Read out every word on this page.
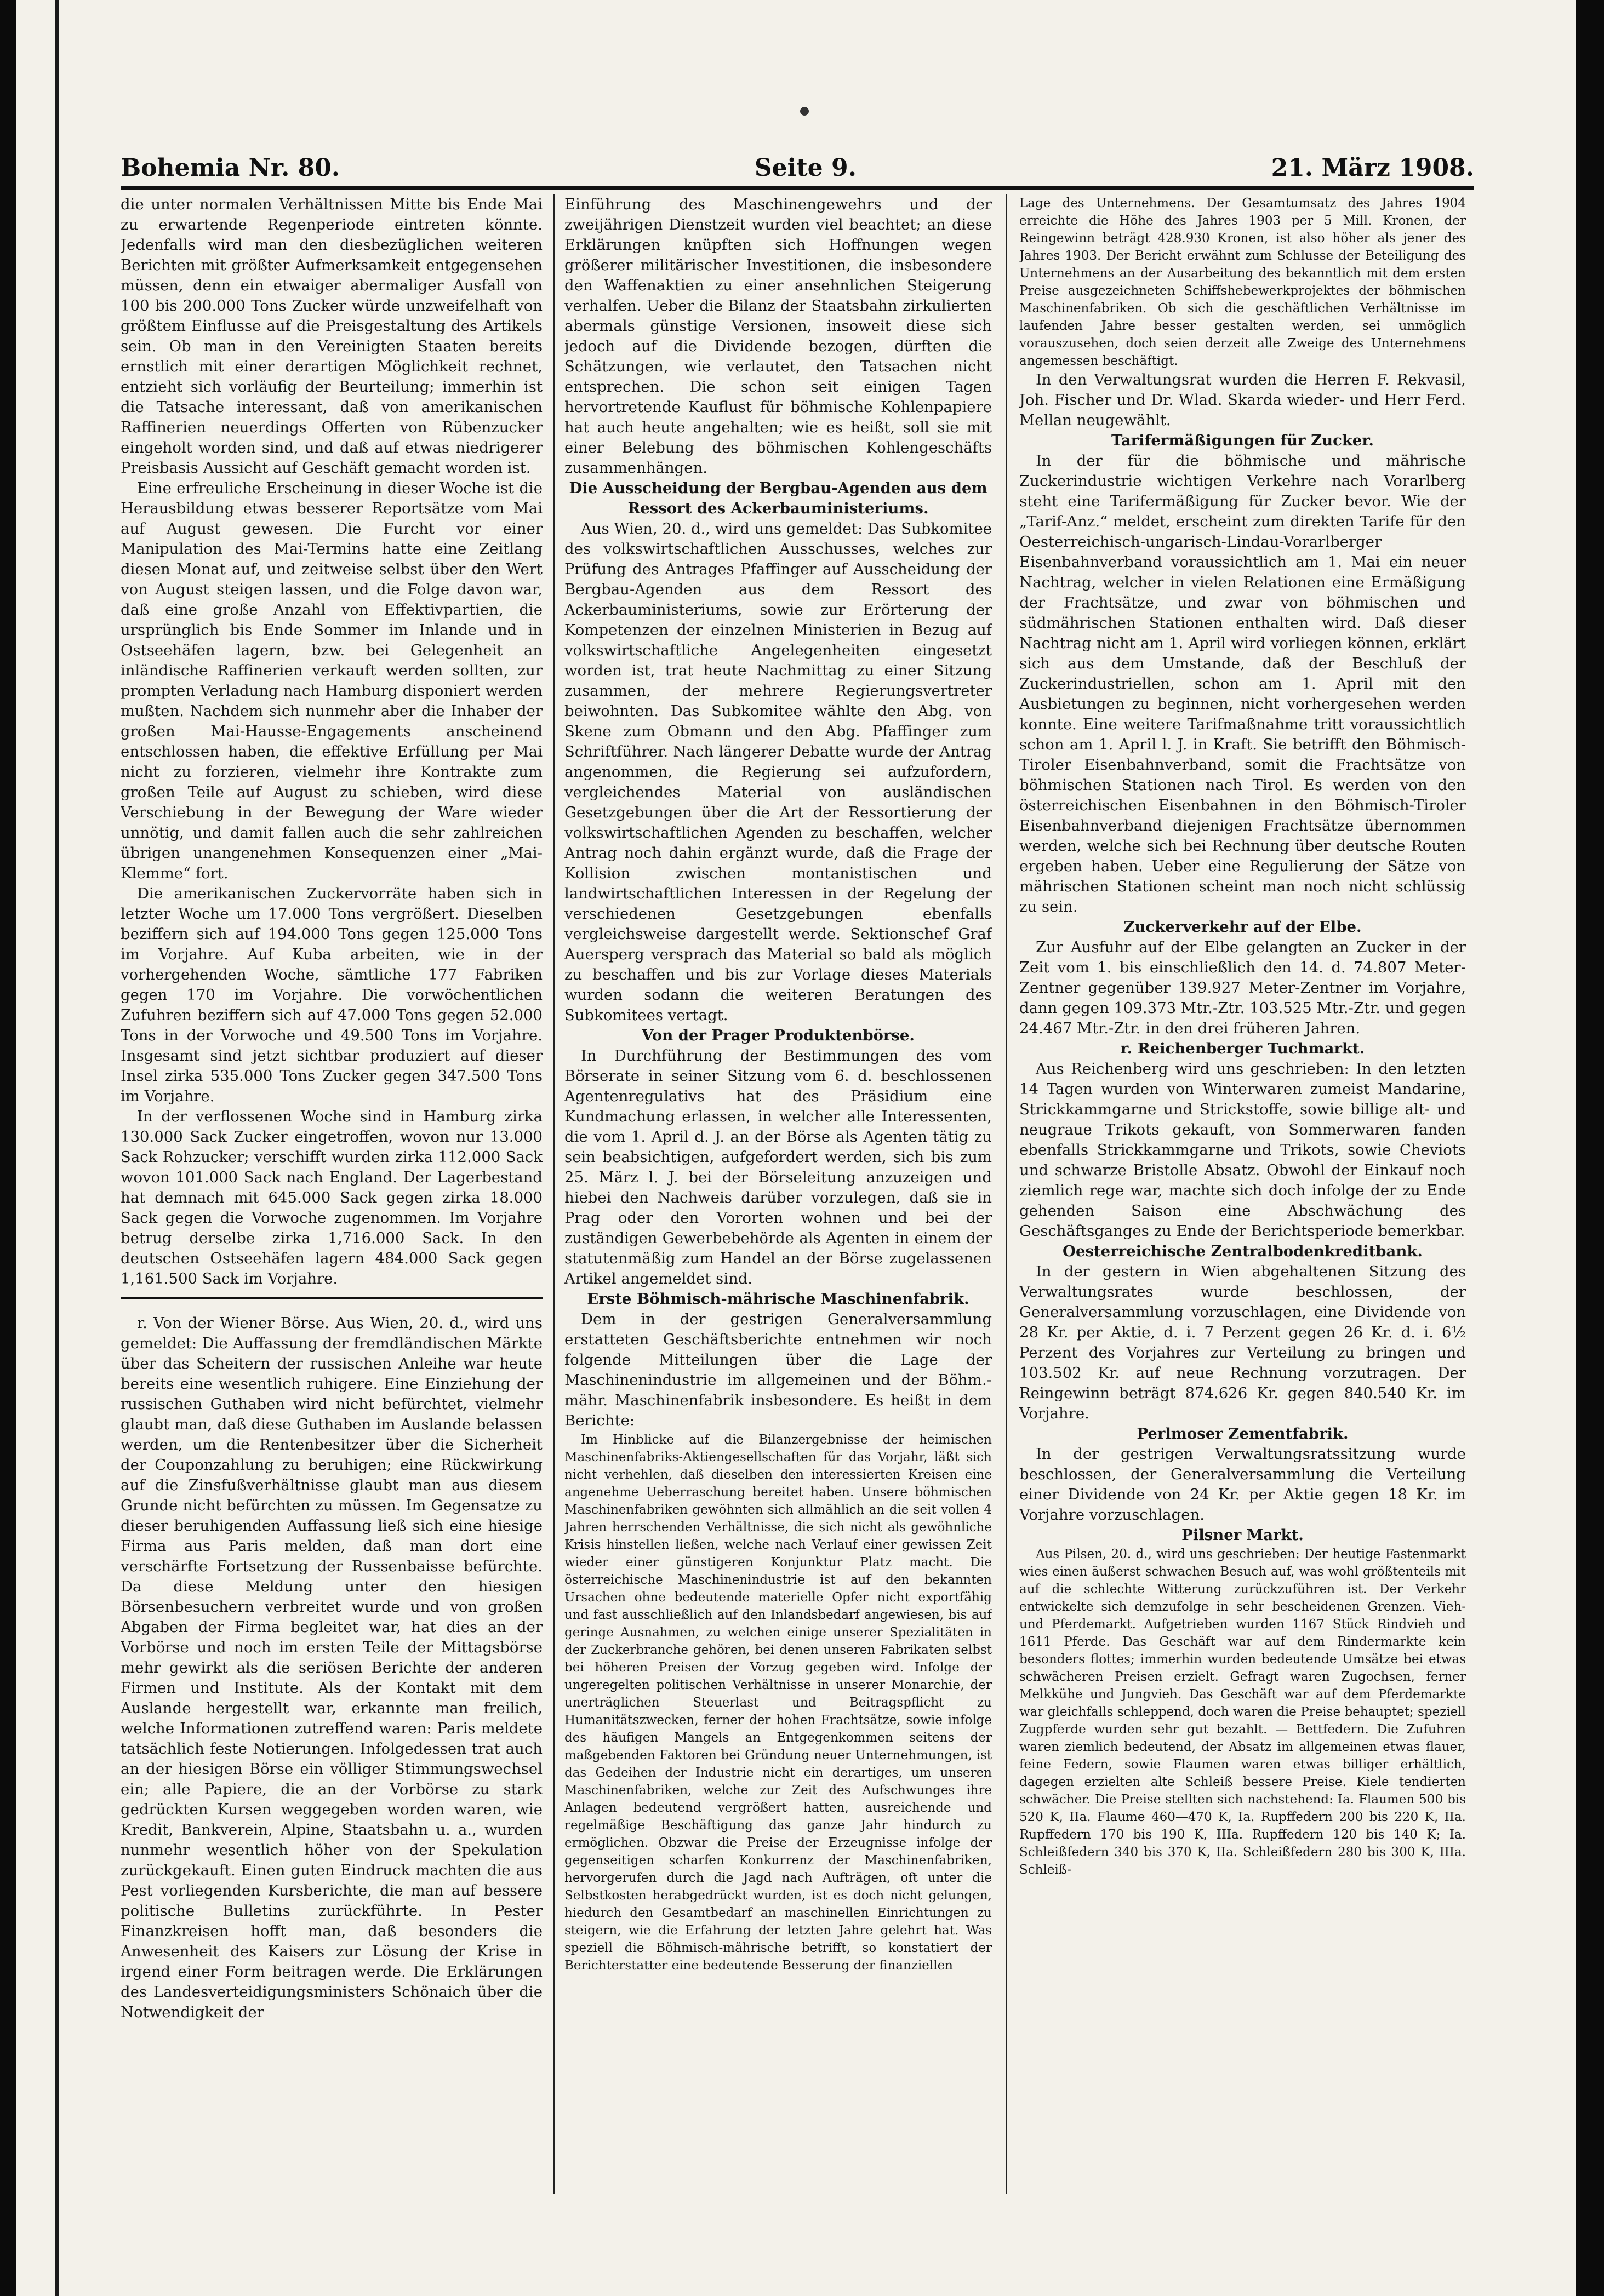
Bohemia Nr. 80.	Seite 9.	21. März 1908.

die unter normalen Verhältnissen Mitte bis Ende Mai zu erwartende Regenperiode eintreten könnte. Jedenfalls wird man den diesbezüglichen weiteren Berichten mit größter Aufmerksamkeit entgegensehen müssen, denn ein etwaiger abermaliger Ausfall von 100 bis 200.000 Tons Zucker würde unzweifelhaft von größtem Einflusse auf die Preisgestaltung des Artikels sein. Ob man in den Vereinigten Staaten bereits ernstlich mit einer derartigen Möglichkeit rechnet, entzieht sich vorläufig der Beurteilung; immerhin ist die Tatsache interessant, daß von amerikanischen Raffinerien neuerdings Offerten von Rübenzucker eingeholt worden sind, und daß auf etwas niedrigerer Preisbasis Aussicht auf Geschäft gemacht worden ist.

Eine erfreuliche Erscheinung in dieser Woche ist die Herausbildung etwas besserer Reportsätze vom Mai auf August gewesen. Die Furcht vor einer Manipulation des Mai-Termins hatte eine Zeitlang diesen Monat auf, und zeitweise selbst über den Wert von August steigen lassen, und die Folge davon war, daß eine große Anzahl von Effektivpartien, die ursprünglich bis Ende Sommer im Inlande und in Ostseehäfen lagern, bzw. bei Gelegenheit an inländische Raffinerien verkauft werden sollten, zur prompten Verladung nach Hamburg disponiert werden mußten. Nachdem sich nunmehr aber die Inhaber der großen Mai-Hausse-Engagements anscheinend entschlossen haben, die effektive Erfüllung per Mai nicht zu forzieren, vielmehr ihre Kontrakte zum großen Teile auf August zu schieben, wird diese Verschiebung in der Bewegung der Ware wieder unnötig, und damit fallen auch die sehr zahlreichen übrigen unangenehmen Konsequenzen einer „Mai-Klemme“ fort.

Die amerikanischen Zuckervorräte haben sich in letzter Woche um 17.000 Tons vergrößert. Dieselben beziffern sich auf 194.000 Tons gegen 125.000 Tons im Vorjahre. Auf Kuba arbeiten, wie in der vorhergehenden Woche, sämtliche 177 Fabriken gegen 170 im Vorjahre. Die vorwöchentlichen Zufuhren beziffern sich auf 47.000 Tons gegen 52.000 Tons in der Vorwoche und 49.500 Tons im Vorjahre. Insgesamt sind jetzt sichtbar produziert auf dieser Insel zirka 535.000 Tons Zucker gegen 347.500 Tons im Vorjahre.

In der verflossenen Woche sind in Hamburg zirka 130.000 Sack Zucker eingetroffen, wovon nur 13.000 Sack Rohzucker; verschifft wurden zirka 112.000 Sack wovon 101.000 Sack nach England. Der Lagerbestand hat demnach mit 645.000 Sack gegen zirka 18.000 Sack gegen die Vorwoche zugenommen. Im Vorjahre betrug derselbe zirka 1,716.000 Sack. In den deutschen Ostseehäfen lagern 484.000 Sack gegen 1,161.500 Sack im Vorjahre.

r. Von der Wiener Börse. Aus Wien, 20. d., wird uns gemeldet: Die Auffassung der fremdländischen Märkte über das Scheitern der russischen Anleihe war heute bereits eine wesentlich ruhigere. Eine Einziehung der russischen Guthaben wird nicht befürchtet, vielmehr glaubt man, daß diese Guthaben im Auslande belassen werden, um die Rentenbesitzer über die Sicherheit der Couponzahlung zu beruhigen; eine Rückwirkung auf die Zinsfußverhältnisse glaubt man aus diesem Grunde nicht befürchten zu müssen. Im Gegensatze zu dieser beruhigenden Auffassung ließ sich eine hiesige Firma aus Paris melden, daß man dort eine verschärfte Fortsetzung der Russenbaisse befürchte. Da diese Meldung unter den hiesigen Börsenbesuchern verbreitet wurde und von großen Abgaben der Firma begleitet war, hat dies an der Vorbörse und noch im ersten Teile der Mittagsbörse mehr gewirkt als die seriösen Berichte der anderen Firmen und Institute. Als der Kontakt mit dem Auslande hergestellt war, erkannte man freilich, welche Informationen zutreffend waren: Paris meldete tatsächlich feste Notierungen. Infolgedessen trat auch an der hiesigen Börse ein völliger Stimmungswechsel ein; alle Papiere, die an der Vorbörse zu stark gedrückten Kursen weggegeben worden waren, wie Kredit, Bankverein, Alpine, Staatsbahn u. a., wurden nunmehr wesentlich höher von der Spekulation zurückgekauft. Einen guten Eindruck machten die aus Pest vorliegenden Kursberichte, die man auf bessere politische Bulletins zurückführte. In Pester Finanzkreisen hofft man, daß besonders die Anwesenheit des Kaisers zur Lösung der Krise in irgend einer Form beitragen werde. Die Erklärungen des Landesverteidigungsministers Schönaich über die Notwendigkeit der

Einführung des Maschinengewehrs und der zweijährigen Dienstzeit wurden viel beachtet; an diese Erklärungen knüpften sich Hoffnungen wegen größerer militärischer Investitionen, die insbesondere den Waffenaktien zu einer ansehnlichen Steigerung verhalfen. Ueber die Bilanz der Staatsbahn zirkulierten abermals günstige Versionen, insoweit diese sich jedoch auf die Dividende bezogen, dürften die Schätzungen, wie verlautet, den Tatsachen nicht entsprechen. Die schon seit einigen Tagen hervortretende Kauflust für böhmische Kohlenpapiere hat auch heute angehalten; wie es heißt, soll sie mit einer Belebung des böhmischen Kohlengeschäfts zusammenhängen.

Die Ausscheidung der Bergbau-Agenden aus dem Ressort des Ackerbauministeriums.

Aus Wien, 20. d., wird uns gemeldet: Das Subkomitee des volkswirtschaftlichen Ausschusses, welches zur Prüfung des Antrages Pfaffinger auf Ausscheidung der Bergbau-Agenden aus dem Ressort des Ackerbauministeriums, sowie zur Erörterung der Kompetenzen der einzelnen Ministerien in Bezug auf volkswirtschaftliche Angelegenheiten eingesetzt worden ist, trat heute Nachmittag zu einer Sitzung zusammen, der mehrere Regierungsvertreter beiwohnten. Das Subkomitee wählte den Abg. von Skene zum Obmann und den Abg. Pfaffinger zum Schriftführer. Nach längerer Debatte wurde der Antrag angenommen, die Regierung sei aufzufordern, vergleichendes Material von ausländischen Gesetzgebungen über die Art der Ressortierung der volkswirtschaftlichen Agenden zu beschaffen, welcher Antrag noch dahin ergänzt wurde, daß die Frage der Kollision zwischen montanistischen und landwirtschaftlichen Interessen in der Regelung der verschiedenen Gesetzgebungen ebenfalls vergleichsweise dargestellt werde. Sektionschef Graf Auersperg versprach das Material so bald als möglich zu beschaffen und bis zur Vorlage dieses Materials wurden sodann die weiteren Beratungen des Subkomitees vertagt.

Von der Prager Produktenbörse.

In Durchführung der Bestimmungen des vom Börserate in seiner Sitzung vom 6. d. beschlossenen Agentenregulativs hat des Präsidium eine Kundmachung erlassen, in welcher alle Interessenten, die vom 1. April d. J. an der Börse als Agenten tätig zu sein beabsichtigen, aufgefordert werden, sich bis zum 25. März l. J. bei der Börseleitung anzuzeigen und hiebei den Nachweis darüber vorzulegen, daß sie in Prag oder den Vororten wohnen und bei der zuständigen Gewerbebehörde als Agenten in einem der statutenmäßig zum Handel an der Börse zugelassenen Artikel angemeldet sind.

Erste Böhmisch-mährische Maschinenfabrik.

Dem in der gestrigen Generalversammlung erstatteten Geschäftsberichte entnehmen wir noch folgende Mitteilungen über die Lage der Maschinenindustrie im allgemeinen und der Böhm.-mähr. Maschinenfabrik insbesondere. Es heißt in dem Berichte:

Im Hinblicke auf die Bilanzergebnisse der heimischen Maschinenfabriks-Aktiengesellschaften für das Vorjahr, läßt sich nicht verhehlen, daß dieselben den interessierten Kreisen eine angenehme Ueberraschung bereitet haben. Unsere böhmischen Maschinenfabriken gewöhnten sich allmählich an die seit vollen 4 Jahren herrschenden Verhältnisse, die sich nicht als gewöhnliche Krisis hinstellen ließen, welche nach Verlauf einer gewissen Zeit wieder einer günstigeren Konjunktur Platz macht. Die österreichische Maschinenindustrie ist auf den bekannten Ursachen ohne bedeutende materielle Opfer nicht exportfähig und fast ausschließlich auf den Inlandsbedarf angewiesen, bis auf geringe Ausnahmen, zu welchen einige unserer Spezialitäten in der Zuckerbranche gehören, bei denen unseren Fabrikaten selbst bei höheren Preisen der Vorzug gegeben wird. Infolge der ungeregelten politischen Verhältnisse in unserer Monarchie, der unerträglichen Steuerlast und Beitragspflicht zu Humanitätszwecken, ferner der hohen Frachtsätze, sowie infolge des häufigen Mangels an Entgegenkommen seitens der maßgebenden Faktoren bei Gründung neuer Unternehmungen, ist das Gedeihen der Industrie nicht ein derartiges, um unseren Maschinenfabriken, welche zur Zeit des Aufschwunges ihre Anlagen bedeutend vergrößert hatten, ausreichende und regelmäßige Beschäftigung das ganze Jahr hindurch zu ermöglichen. Obzwar die Preise der Erzeugnisse infolge der gegenseitigen scharfen Konkurrenz der Maschinenfabriken, hervorgerufen durch die Jagd nach Aufträgen, oft unter die Selbstkosten herabgedrückt wurden, ist es doch nicht gelungen, hiedurch den Gesamtbedarf an maschinellen Einrichtungen zu steigern, wie die Erfahrung der letzten Jahre gelehrt hat. Was speziell die Böhmisch-mährische betrifft, so konstatiert der Berichterstatter eine bedeutende Besserung der finanziellen

Lage des Unternehmens. Der Gesamtumsatz des Jahres 1904 erreichte die Höhe des Jahres 1903 per 5 Mill. Kronen, der Reingewinn beträgt 428.930 Kronen, ist also höher als jener des Jahres 1903. Der Bericht erwähnt zum Schlusse der Beteiligung des Unternehmens an der Ausarbeitung des bekanntlich mit dem ersten Preise ausgezeichneten Schiffshebewerkprojektes der böhmischen Maschinenfabriken. Ob sich die geschäftlichen Verhältnisse im laufenden Jahre besser gestalten werden, sei unmöglich vorauszusehen, doch seien derzeit alle Zweige des Unternehmens angemessen beschäftigt.

In den Verwaltungsrat wurden die Herren F. Rekvasil, Joh. Fischer und Dr. Wlad. Skarda wieder- und Herr Ferd. Mellan neugewählt.

Tarifermäßigungen für Zucker.

In der für die böhmische und mährische Zuckerindustrie wichtigen Verkehre nach Vorarlberg steht eine Tarifermäßigung für Zucker bevor. Wie der „Tarif-Anz.“ meldet, erscheint zum direkten Tarife für den Oesterreichisch-ungarisch-Lindau-Vorarlberger Eisenbahnverband voraussichtlich am 1. Mai ein neuer Nachtrag, welcher in vielen Relationen eine Ermäßigung der Frachtsätze, und zwar von böhmischen und südmährischen Stationen enthalten wird. Daß dieser Nachtrag nicht am 1. April wird vorliegen können, erklärt sich aus dem Umstande, daß der Beschluß der Zuckerindustriellen, schon am 1. April mit den Ausbietungen zu beginnen, nicht vorhergesehen werden konnte. Eine weitere Tarifmaßnahme tritt voraussichtlich schon am 1. April l. J. in Kraft. Sie betrifft den Böhmisch-Tiroler Eisenbahnverband, somit die Frachtsätze von böhmischen Stationen nach Tirol. Es werden von den österreichischen Eisenbahnen in den Böhmisch-Tiroler Eisenbahnverband diejenigen Frachtsätze übernommen werden, welche sich bei Rechnung über deutsche Routen ergeben haben. Ueber eine Regulierung der Sätze von mährischen Stationen scheint man noch nicht schlüssig zu sein.

Zuckerverkehr auf der Elbe.

Zur Ausfuhr auf der Elbe gelangten an Zucker in der Zeit vom 1. bis einschließlich den 14. d. 74.807 Meter-Zentner gegenüber 139.927 Meter-Zentner im Vorjahre, dann gegen 109.373 Mtr.-Ztr. 103.525 Mtr.-Ztr. und gegen 24.467 Mtr.-Ztr. in den drei früheren Jahren.

r. Reichenberger Tuchmarkt.

Aus Reichenberg wird uns geschrieben: In den letzten 14 Tagen wurden von Winterwaren zumeist Mandarine, Strickkammgarne und Strickstoffe, sowie billige alt- und neugraue Trikots gekauft, von Sommerwaren fanden ebenfalls Strickkammgarne und Trikots, sowie Cheviots und schwarze Bristolle Absatz. Obwohl der Einkauf noch ziemlich rege war, machte sich doch infolge der zu Ende gehenden Saison eine Abschwächung des Geschäftsganges zu Ende der Berichtsperiode bemerkbar.

Oesterreichische Zentralbodenkreditbank.

In der gestern in Wien abgehaltenen Sitzung des Verwaltungsrates wurde beschlossen, der Generalversammlung vorzuschlagen, eine Dividende von 28 Kr. per Aktie, d. i. 7 Perzent gegen 26 Kr. d. i. 6½ Perzent des Vorjahres zur Verteilung zu bringen und 103.502 Kr. auf neue Rechnung vorzutragen. Der Reingewinn beträgt 874.626 Kr. gegen 840.540 Kr. im Vorjahre.

Perlmoser Zementfabrik.

In der gestrigen Verwaltungsratssitzung wurde beschlossen, der Generalversammlung die Verteilung einer Dividende von 24 Kr. per Aktie gegen 18 Kr. im Vorjahre vorzuschlagen.

Pilsner Markt.

Aus Pilsen, 20. d., wird uns geschrieben: Der heutige Fastenmarkt wies einen äußerst schwachen Besuch auf, was wohl größtenteils mit auf die schlechte Witterung zurückzuführen ist. Der Verkehr entwickelte sich demzufolge in sehr bescheidenen Grenzen. Vieh- und Pferdemarkt. Aufgetrieben wurden 1167 Stück Rindvieh und 1611 Pferde. Das Geschäft war auf dem Rindermarkte kein besonders flottes; immerhin wurden bedeutende Umsätze bei etwas schwächeren Preisen erzielt. Gefragt waren Zugochsen, ferner Melkkühe und Jungvieh. Das Geschäft war auf dem Pferdemarkte war gleichfalls schleppend, doch waren die Preise behauptet; speziell Zugpferde wurden sehr gut bezahlt. — Bettfedern. Die Zufuhren waren ziemlich bedeutend, der Absatz im allgemeinen etwas flauer, feine Federn, sowie Flaumen waren etwas billiger erhältlich, dagegen erzielten alte Schleiß bessere Preise. Kiele tendierten schwächer. Die Preise stellten sich nachstehend: Ia. Flaumen 500 bis 520 K, IIa. Flaume 460—470 K, Ia. Rupffedern 200 bis 220 K, IIa. Rupffedern 170 bis 190 K, IIIa. Rupffedern 120 bis 140 K; Ia. Schleißfedern 340 bis 370 K, IIa. Schleißfedern 280 bis 300 K, IIIa. Schleiß-
